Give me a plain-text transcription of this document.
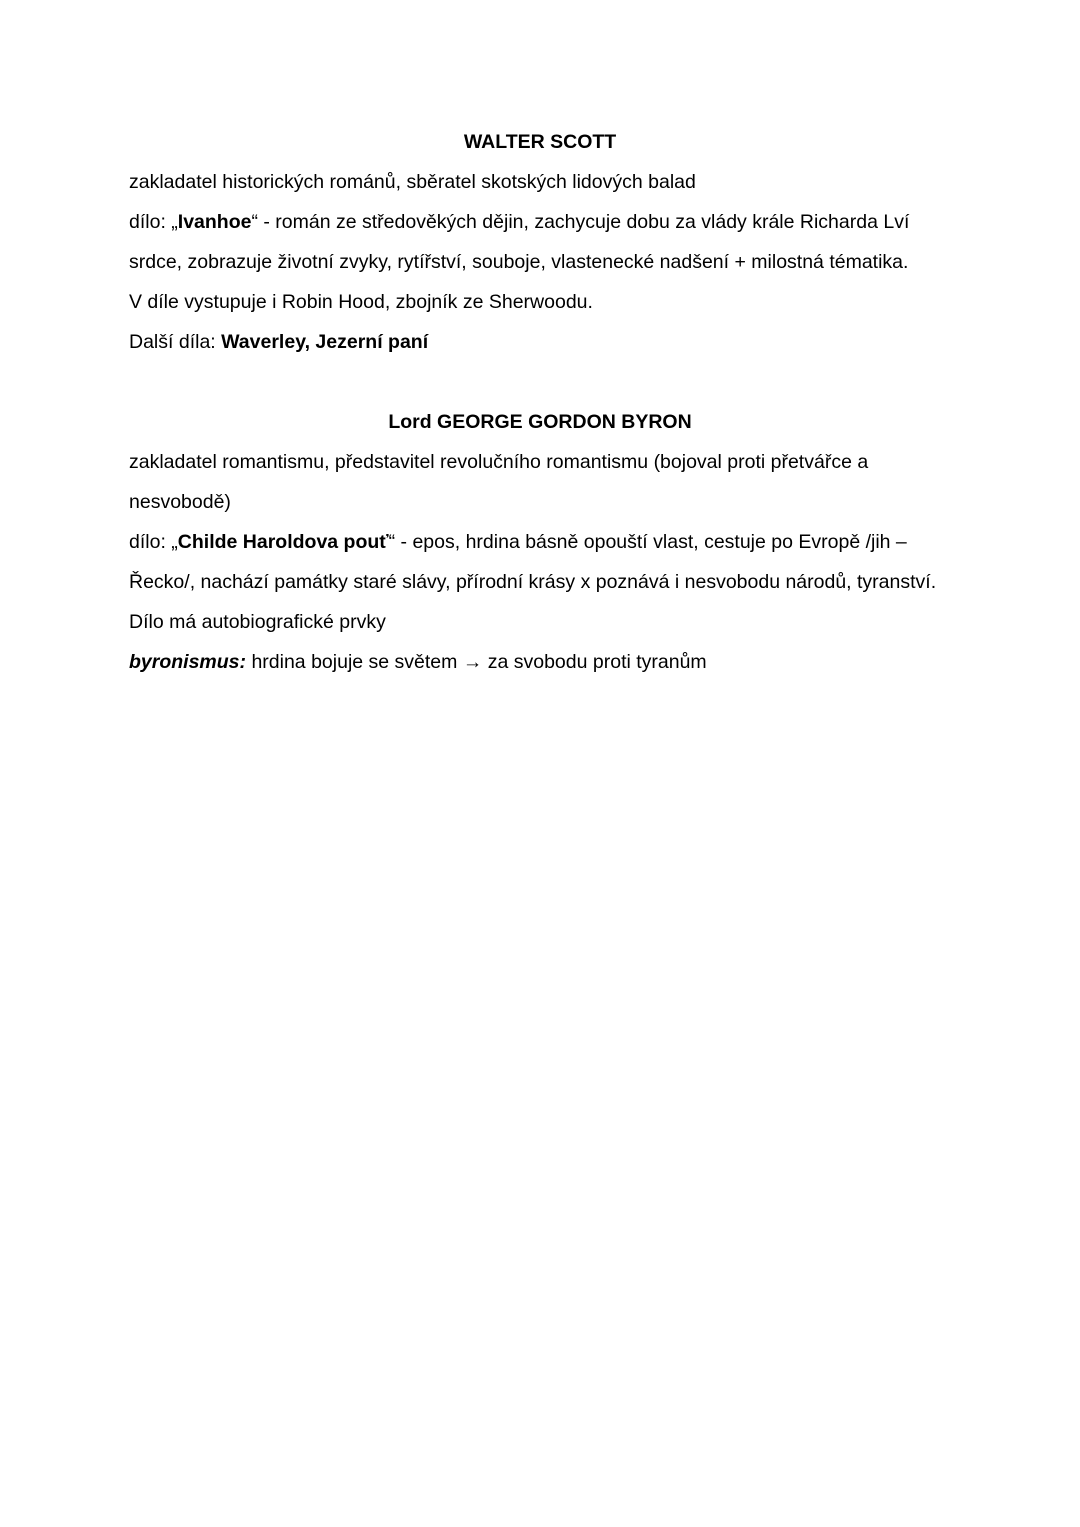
WALTER SCOTT

zakladatel historických románů, sběratel skotských lidových balad

dílo: „Ivanhoe“ - román ze středověkých dějin, zachycuje dobu za vlády krále Richarda Lví

srdce, zobrazuje životní zvyky, rytířství, souboje, vlastenecké nadšení + milostná tématika.

V díle vystupuje i Robin Hood, zbojník ze Sherwoodu.

Další díla: Waverley, Jezerní paní

Lord GEORGE GORDON BYRON

zakladatel romantismu, představitel revolučního romantismu (bojoval proti přetvářce a

nesvobodě)

dílo: „Childe Haroldova pouť“ - epos, hrdina básně opouští vlast, cestuje po Evropě /jih –

Řecko/, nachází památky staré slávy, přírodní krásy x poznává i nesvobodu národů, tyranství.

Dílo má autobiografické prvky

byronismus: hrdina bojuje se světem → za svobodu proti tyranům
